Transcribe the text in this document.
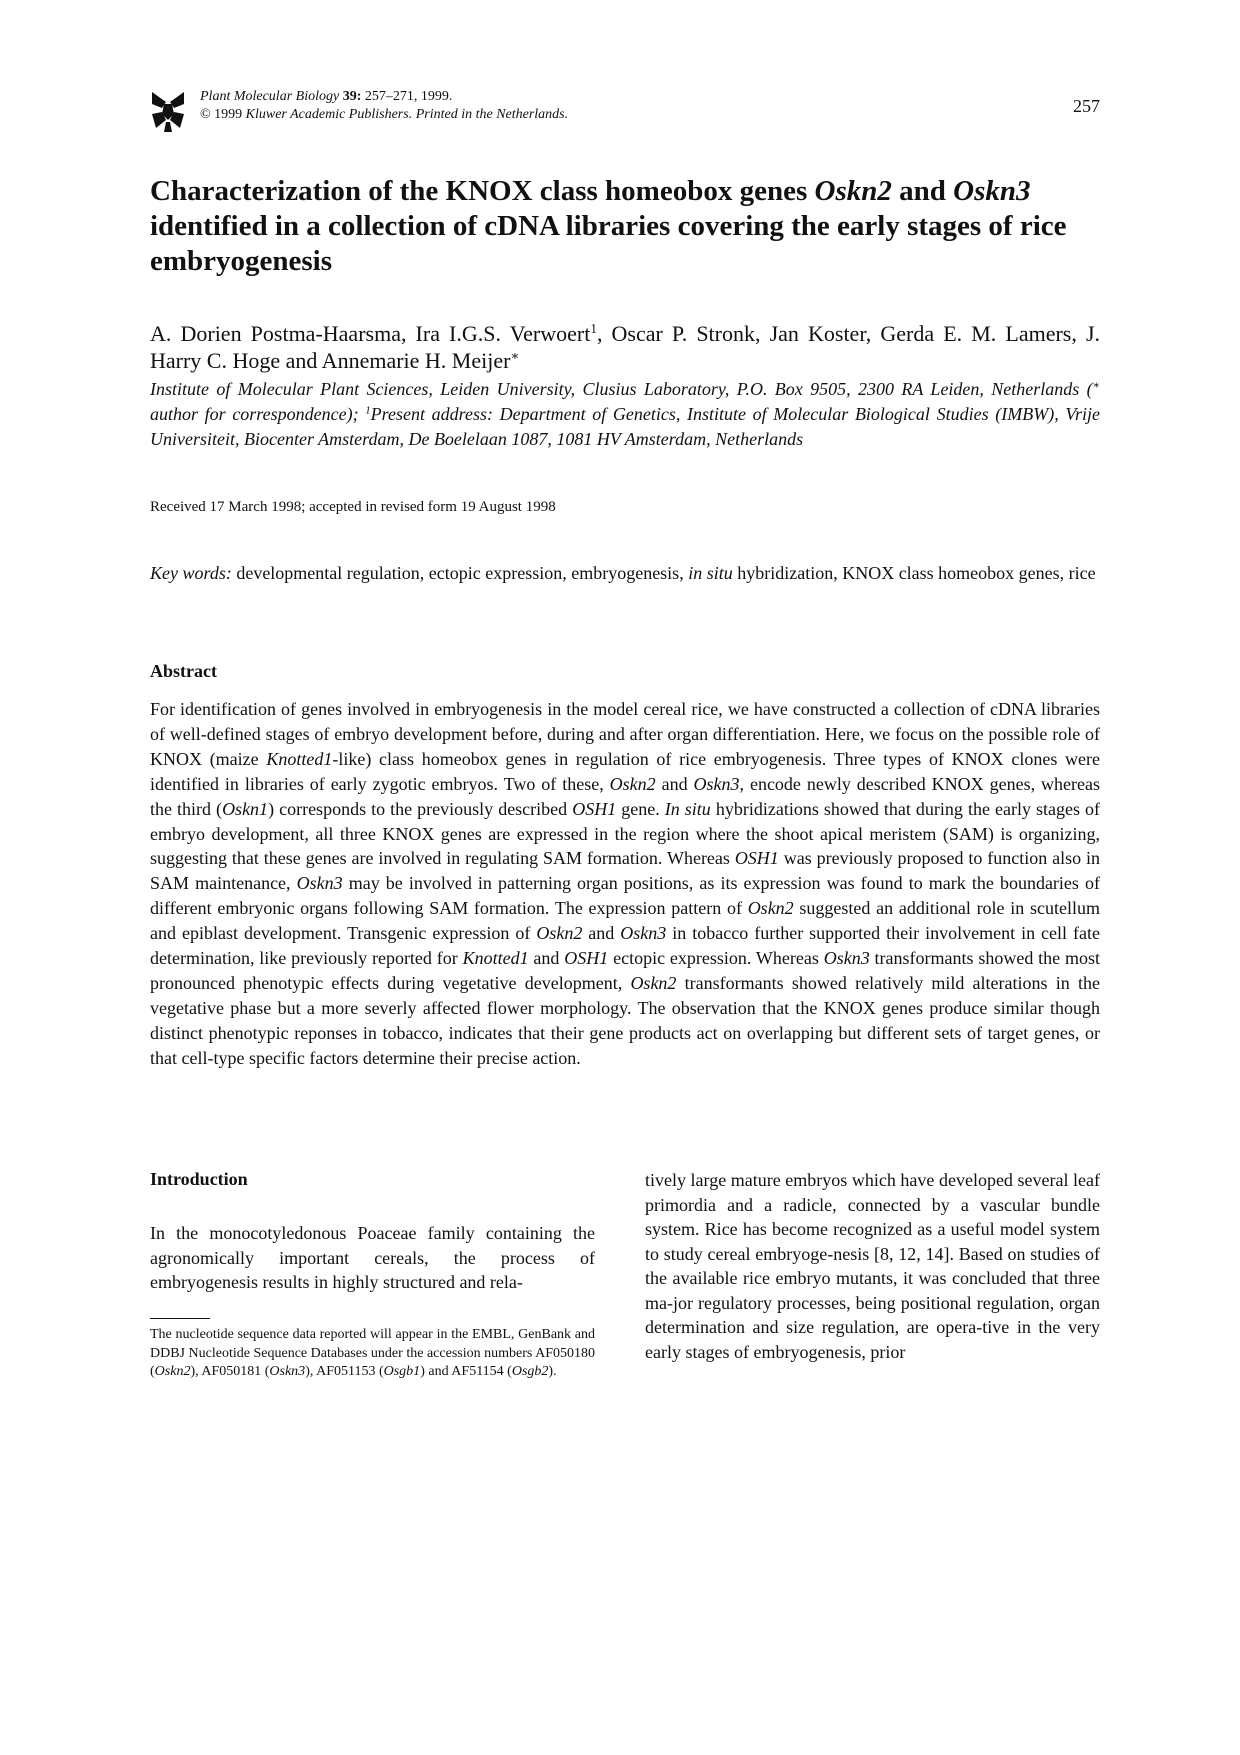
Plant Molecular Biology 39: 257–271, 1999.
© 1999 Kluwer Academic Publishers. Printed in the Netherlands.	257
Characterization of the KNOX class homeobox genes Oskn2 and Oskn3 identified in a collection of cDNA libraries covering the early stages of rice embryogenesis
A. Dorien Postma-Haarsma, Ira I.G.S. Verwoert$^1$, Oscar P. Stronk, Jan Koster, Gerda E. M. Lamers, J. Harry C. Hoge and Annemarie H. Meijer∗
Institute of Molecular Plant Sciences, Leiden University, Clusius Laboratory, P.O. Box 9505, 2300 RA Leiden, Netherlands (∗ author for correspondence); $^1$Present address: Department of Genetics, Institute of Molecular Biological Studies (IMBW), Vrije Universiteit, Biocenter Amsterdam, De Boelelaan 1087, 1081 HV Amsterdam, Netherlands
Received 17 March 1998; accepted in revised form 19 August 1998
Key words: developmental regulation, ectopic expression, embryogenesis, in situ hybridization, KNOX class homeobox genes, rice
Abstract

For identification of genes involved in embryogenesis in the model cereal rice, we have constructed a collection of cDNA libraries of well-defined stages of embryo development before, during and after organ differentiation. Here, we focus on the possible role of KNOX (maize Knotted1-like) class homeobox genes in regulation of rice embryogenesis. Three types of KNOX clones were identified in libraries of early zygotic embryos. Two of these, Oskn2 and Oskn3, encode newly described KNOX genes, whereas the third (Oskn1) corresponds to the previously described OSH1 gene. In situ hybridizations showed that during the early stages of embryo development, all three KNOX genes are expressed in the region where the shoot apical meristem (SAM) is organizing, suggesting that these genes are involved in regulating SAM formation. Whereas OSH1 was previously proposed to function also in SAM maintenance, Oskn3 may be involved in patterning organ positions, as its expression was found to mark the boundaries of different embryonic organs following SAM formation. The expression pattern of Oskn2 suggested an additional role in scutellum and epiblast development. Transgenic expression of Oskn2 and Oskn3 in tobacco further supported their involvement in cell fate determination, like previously reported for Knotted1 and OSH1 ectopic expression. Whereas Oskn3 transformants showed the most pronounced phenotypic effects during vegetative development, Oskn2 transformants showed relatively mild alterations in the vegetative phase but a more severly affected flower morphology. The observation that the KNOX genes produce similar though distinct phenotypic reponses in tobacco, indicates that their gene products act on overlapping but different sets of target genes, or that cell-type specific factors determine their precise action.

Introduction

In the monocotyledonous Poaceae family containing the agronomically important cereals, the process of embryogenesis results in highly structured and rela-

The nucleotide sequence data reported will appear in the EMBL, GenBank and DDBJ Nucleotide Sequence Databases under the accession numbers AF050180 (Oskn2), AF050181 (Oskn3), AF051153 (Osgb1) and AF51154 (Osgb2).

tively large mature embryos which have developed several leaf primordia and a radicle, connected by a vascular bundle system. Rice has become recognized as a useful model system to study cereal embryoge-nesis [8, 12, 14]. Based on studies of the available rice embryo mutants, it was concluded that three ma-jor regulatory processes, being positional regulation, organ determination and size regulation, are opera-tive in the very early stages of embryogenesis, prior
